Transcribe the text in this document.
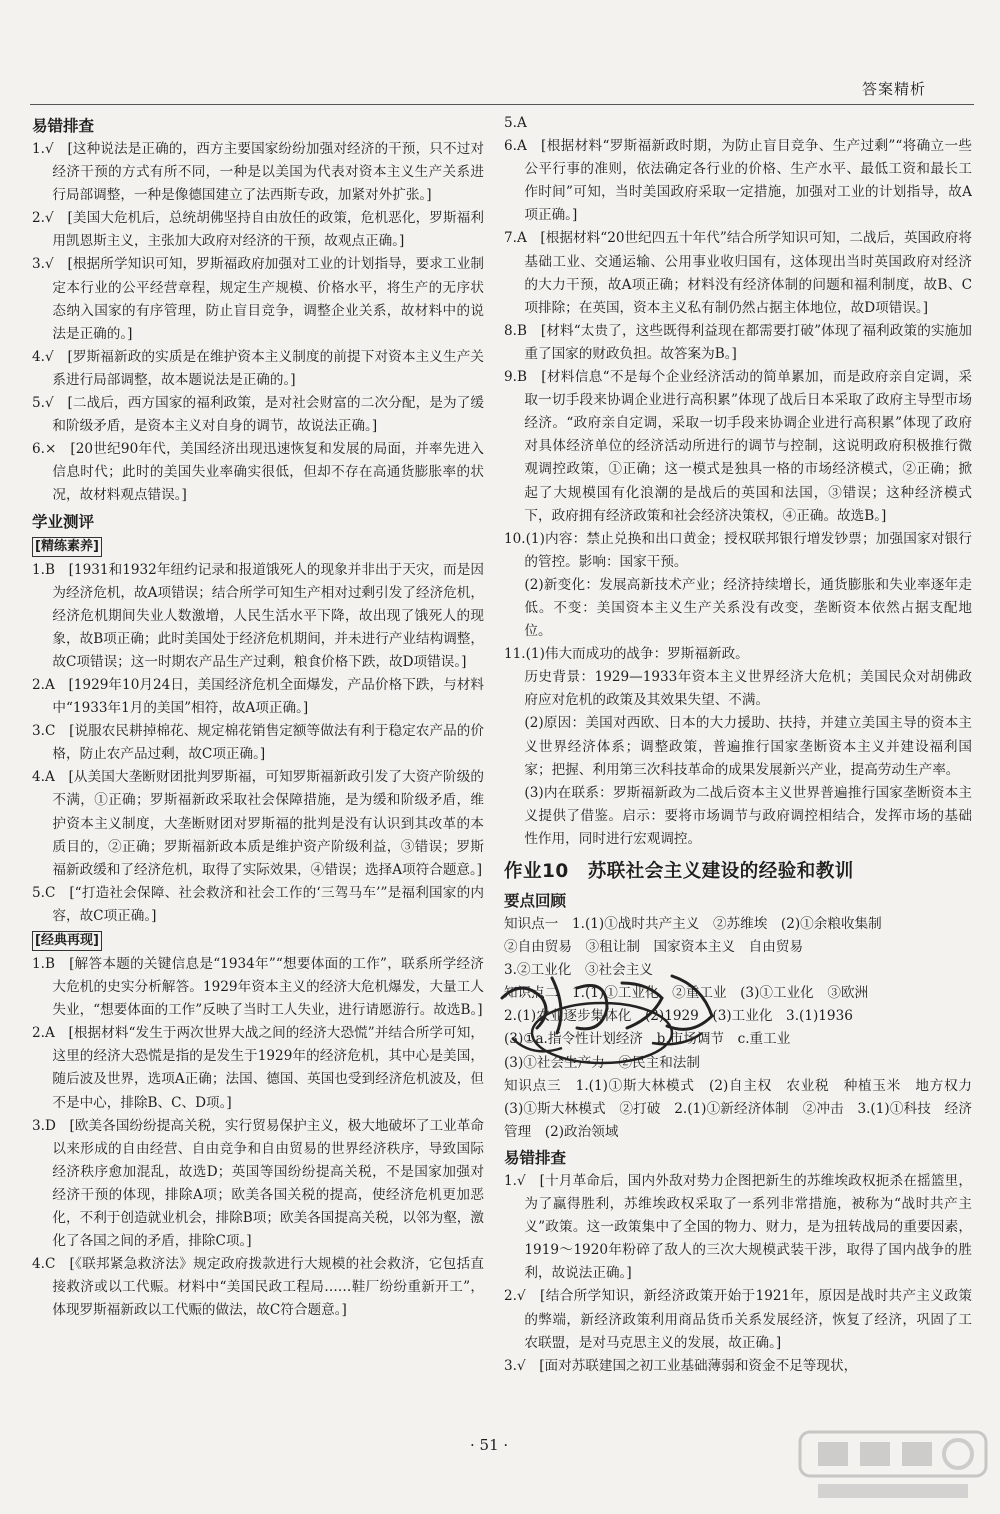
答案精析
易错排查
1.√　[这种说法是正确的，西方主要国家纷纷加强对经济的干预，只不过对经济干预的方式有所不同，一种是以美国为代表对资本主义生产关系进行局部调整，一种是像德国建立了法西斯专政，加紧对外扩张。]
2.√　[美国大危机后，总统胡佛坚持自由放任的政策，危机恶化，罗斯福利用凯恩斯主义，主张加大政府对经济的干预，故观点正确。]
3.√　[根据所学知识可知，罗斯福政府加强对工业的计划指导，要求工业制定本行业的公平经营章程，规定生产规模、价格水平，将生产的无序状态纳入国家的有序管理，防止盲目竞争，调整企业关系，故材料中的说法是正确的。]
4.√　[罗斯福新政的实质是在维护资本主义制度的前提下对资本主义生产关系进行局部调整，故本题说法是正确的。]
5.√　[二战后，西方国家的福利政策，是对社会财富的二次分配，是为了缓和阶级矛盾，是资本主义对自身的调节，故说法正确。]
6.×　[20世纪90年代，美国经济出现迅速恢复和发展的局面，并率先进入信息时代；此时的美国失业率确实很低，但却不存在高通货膨胀率的状况，故材料观点错误。]
学业测评
[精练素养]
1.B　[1931和1932年纽约记录和报道饿死人的现象并非出于天灾，而是因为经济危机，故A项错误；结合所学可知生产相对过剩引发了经济危机，经济危机期间失业人数激增，人民生活水平下降，故出现了饿死人的现象，故B项正确；此时美国处于经济危机期间，并未进行产业结构调整，故C项错误；这一时期农产品生产过剩，粮食价格下跌，故D项错误。]
2.A　[1929年10月24日，美国经济危机全面爆发，产品价格下跌，与材料中“1933年1月的美国”相符，故A项正确。]
3.C　[说服农民耕掉棉花、规定棉花销售定额等做法有利于稳定农产品的价格，防止农产品过剩，故C项正确。]
4.A　[从美国大垄断财团批判罗斯福，可知罗斯福新政引发了大资产阶级的不满，①正确；罗斯福新政采取社会保障措施，是为缓和阶级矛盾，维护资本主义制度，大垄断财团对罗斯福的批判是没有认识到其改革的本质目的，②正确；罗斯福新政本质是维护资产阶级利益，③错误；罗斯福新政缓和了经济危机，取得了实际效果，④错误；选择A项符合题意。]
5.C　[“打造社会保障、社会救济和社会工作的‘三驾马车’”是福利国家的内容，故C项正确。]
[经典再现]
1.B　[解答本题的关键信息是“1934年”“想要体面的工作”，联系所学经济大危机的史实分析解答。1929年资本主义的经济大危机爆发，大量工人失业，“想要体面的工作”反映了当时工人失业，进行请愿游行。故选B。]
2.A　[根据材料“发生于两次世界大战之间的经济大恐慌”并结合所学可知，这里的经济大恐慌是指的是发生于1929年的经济危机，其中心是美国，随后波及世界，选项A正确；法国、德国、英国也受到经济危机波及，但不是中心，排除B、C、D项。]
3.D　[欧美各国纷纷提高关税，实行贸易保护主义，极大地破坏了工业革命以来形成的自由经营、自由竞争和自由贸易的世界经济秩序，导致国际经济秩序愈加混乱，故选D；英国等国纷纷提高关税，不是国家加强对经济干预的体现，排除A项；欧美各国关税的提高，使经济危机更加恶化，不利于创造就业机会，排除B项；欧美各国提高关税，以邻为壑，激化了各国之间的矛盾，排除C项。]
4.C　[《联邦紧急救济法》规定政府拨款进行大规模的社会救济，它包括直接救济或以工代赈。材料中“美国民政工程局……鞋厂纷纷重新开工”，体现罗斯福新政以工代赈的做法，故C符合题意。]
5.A
6.A　[根据材料“罗斯福新政时期，为防止盲目竞争、生产过剩”“将确立一些公平行事的准则，依法确定各行业的价格、生产水平、最低工资和最长工作时间”可知，当时美国政府采取一定措施，加强对工业的计划指导，故A项正确。]
7.A　[根据材料“20世纪四五十年代”结合所学知识可知，二战后，英国政府将基础工业、交通运输、公用事业收归国有，这体现出当时英国政府对经济的大力干预，故A项正确；材料没有经济体制的问题和福利制度，故B、C项排除；在英国，资本主义私有制仍然占据主体地位，故D项错误。]
8.B　[材料“太贵了，这些既得利益现在都需要打破”体现了福利政策的实施加重了国家的财政负担。故答案为B。]
9.B　[材料信息“不是每个企业经济活动的简单累加，而是政府亲自定调，采取一切手段来协调企业进行高积累”体现了战后日本采取了政府主导型市场经济。“政府亲自定调，采取一切手段来协调企业进行高积累”体现了政府对具体经济单位的经济活动所进行的调节与控制，这说明政府积极推行微观调控政策，①正确；这一模式是独具一格的市场经济模式，②正确；掀起了大规模国有化浪潮的是战后的英国和法国，③错误；这种经济模式下，政府拥有经济政策和社会经济决策权，④正确。故选B。]
10.(1)内容：禁止兑换和出口黄金；授权联邦银行增发钞票；加强国家对银行的管控。影响：国家干预。
(2)新变化：发展高新技术产业；经济持续增长，通货膨胀和失业率逐年走低。不变：美国资本主义生产关系没有改变，垄断资本依然占据支配地位。
11.(1)伟大而成功的战争：罗斯福新政。
历史背景：1929—1933年资本主义世界经济大危机；美国民众对胡佛政府应对危机的政策及其效果失望、不满。
(2)原因：美国对西欧、日本的大力援助、扶持，并建立美国主导的资本主义世界经济体系；调整政策，普遍推行国家垄断资本主义并建设福利国家；把握、利用第三次科技革命的成果发展新兴产业，提高劳动生产率。
(3)内在联系：罗斯福新政为二战后资本主义世界普遍推行国家垄断资本主义提供了借鉴。启示：要将市场调节与政府调控相结合，发挥市场的基础性作用，同时进行宏观调控。
作业10　苏联社会主义建设的经验和教训
要点回顾
知识点一　1.(1)①战时共产主义　②苏维埃　(2)①余粮收集制
②自由贸易　③租让制　国家资本主义　自由贸易
3.②工业化　③社会主义
知识点二　1.(1)①工业化　②重工业　(3)①工业化　③欧洲
2.(1)农业逐步集体化　(2)1929　(3)工业化　3.(1)1936
(3)①a.指令性计划经济　b.市场调节　c.重工业
(3)①社会生产力　②民主和法制
知识点三　1.(1)①斯大林模式　(2)自主权　农业税　种植玉米　地方权力　(3)①斯大林模式　②打破　2.(1)①新经济体制　②冲击　3.(1)①科技　经济管理　(2)政治领域
易错排查
1.√　[十月革命后，国内外敌对势力企图把新生的苏维埃政权扼杀在摇篮里，为了赢得胜利，苏维埃政权采取了一系列非常措施，被称为“战时共产主义”政策。这一政策集中了全国的物力、财力，是为扭转战局的重要因素，1919～1920年粉碎了敌人的三次大规模武装干涉，取得了国内战争的胜利，故说法正确。]
2.√　[结合所学知识，新经济政策开始于1921年，原因是战时共产主义政策的弊端，新经济政策利用商品货币关系发展经济，恢复了经济，巩固了工农联盟，是对马克思主义的发展，故正确。]
3.√　[面对苏联建国之初工业基础薄弱和资金不足等现状，
· 51 ·
